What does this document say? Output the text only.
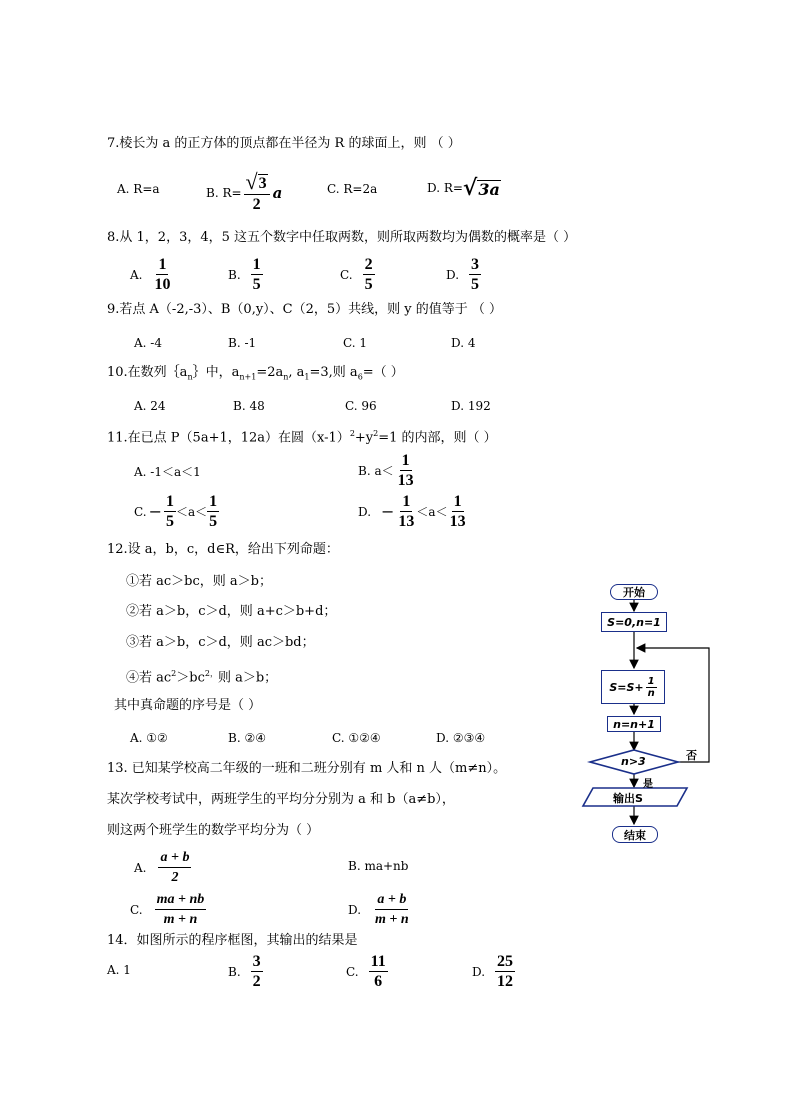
7.棱长为 a 的正方体的顶点都在半径为 R 的球面上，则 （ ）
A. R=a	B. $R= \frac{√ 3}{2}$ a	C. R=2a	D. R= √ 3a
8.从 1，2，3，4，5 这五个数字中任取两数，则所取两数均为偶数的概率是（ ）
A. $\frac{1}{10}$	B. $\frac{1}{5}$	C. $\frac{2}{5}$	D. $\frac{3}{5}$
9.若点 A（-2,-3）、B（0,y）、C（2，5）共线，则 y 的值等于 （ ）
A. -4	B. -1	C. 1	D. 4
10.在数列$\{a_n\}$中，$a_{n+1}=2a_n$, $a_1=3$,则 $a_6=$（ ）
A. 24	B. 48	C. 96	D. 192
11.在已点 P（5a+1，12a）在圆$(x-1)^2+y^2=1$ 的内部，则（ ）
A. -1＜a＜1	B. $a< \frac{1}{13}$
C. − $\frac{1}{5} <a< \frac{1}{5}$	D. − $\frac{1}{13} <a< \frac{1}{13}$
12.设 a，b，c，d∈R，给出下列命题：
①若 ac＞bc，则 a＞b；
②若 a＞b，c＞d，则 a+c＞b+d；
③若 a＞b，c＞d，则 ac＞bd；
④若 $ac^2>bc^{2,}$则 a＞b；
其中真命题的序号是（ ）
A. ①②	B. ②④	C. ①②④	D. ②③④
13. 已知某学校高二年级的一班和二班分别有 m 人和 n 人（m≠n）。
某次学校考试中，两班学生的平均分分别为 a 和 b（a≠b），
则这两个班学生的数学平均分为（ ）
A. $\frac{a + b}{2}$	B. ma+nb
C. $\frac{ma + nb}{m + n}$	D. $\frac{a + b}{m + n}$
14．如图所示的程序框图，其输出的结果是
A. 1	B. $\frac{3}{2}$	C. $\frac{11}{6}$	D. $\frac{25}{12}$
开始
S=0,n=1
$S=S+ \frac{1}{n}$
n=n+1
n>3	否
是
输出S
结束
